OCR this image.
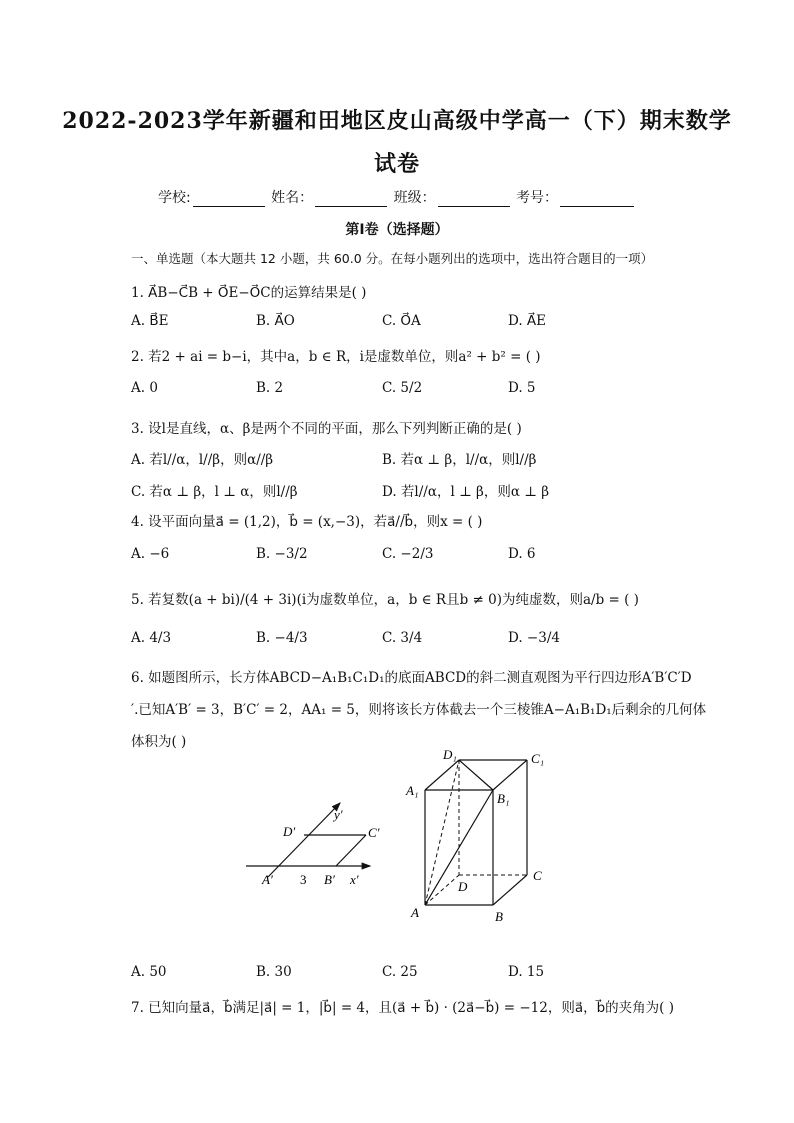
2022-2023学年新疆和田地区皮山高级中学高一（下）期末数学
试卷
学校:	姓名：	班级：	考号：
第Ⅰ卷（选择题）
一、单选题（本大题共 12 小题，共 60.0 分。在每小题列出的选项中，选出符合题目的一项）
1. A⃗B−C⃗B + O⃗E−O⃗C的运算结果是( )
A. B⃗E	B. A⃗O	C. O⃗A	D. A⃗E
2. 若2 + ai = b−i，其中a，b ∈ R，i是虚数单位，则a² + b² = ( )
A. 0	B. 2	C. 5/2	D. 5
3. 设l是直线，α、β是两个不同的平面，那么下列判断正确的是( )
A. 若l//α，l//β，则α//β	B. 若α ⊥ β，l//α，则l//β
C. 若α ⊥ β，l ⊥ α，则l//β	D. 若l//α，l ⊥ β，则α ⊥ β
4. 设平面向量a⃗ = (1,2)，b⃗ = (x,−3)，若a⃗//b⃗，则x = ( )
A. −6	B. −3/2	C. −2/3	D. 6
5. 若复数(a + bi)/(4 + 3i)(i为虚数单位，a，b ∈ R且b ≠ 0)为纯虚数，则a/b = ( )
A. 4/3	B. −4/3	C. 3/4	D. −3/4
6. 如题图所示，长方体ABCD−A₁B₁C₁D₁的底面ABCD的斜二测直观图为平行四边形A′B′C′D
′.已知A′B′ = 3，B′C′ = 2，AA₁ = 5，则将该长方体截去一个三棱锥A−A₁B₁D₁后剩余的几何体
体积为( )
D′	C′
y′
A′ 3 B′ x′
D₁	C₁
A₁
B₁
D
C
A	B
A. 50	B. 30	C. 25	D. 15
7. 已知向量a⃗，b⃗满足|a⃗| = 1，|b⃗| = 4，且(a⃗ + b⃗) · (2a⃗−b⃗) = −12，则a⃗，b⃗的夹角为( )
